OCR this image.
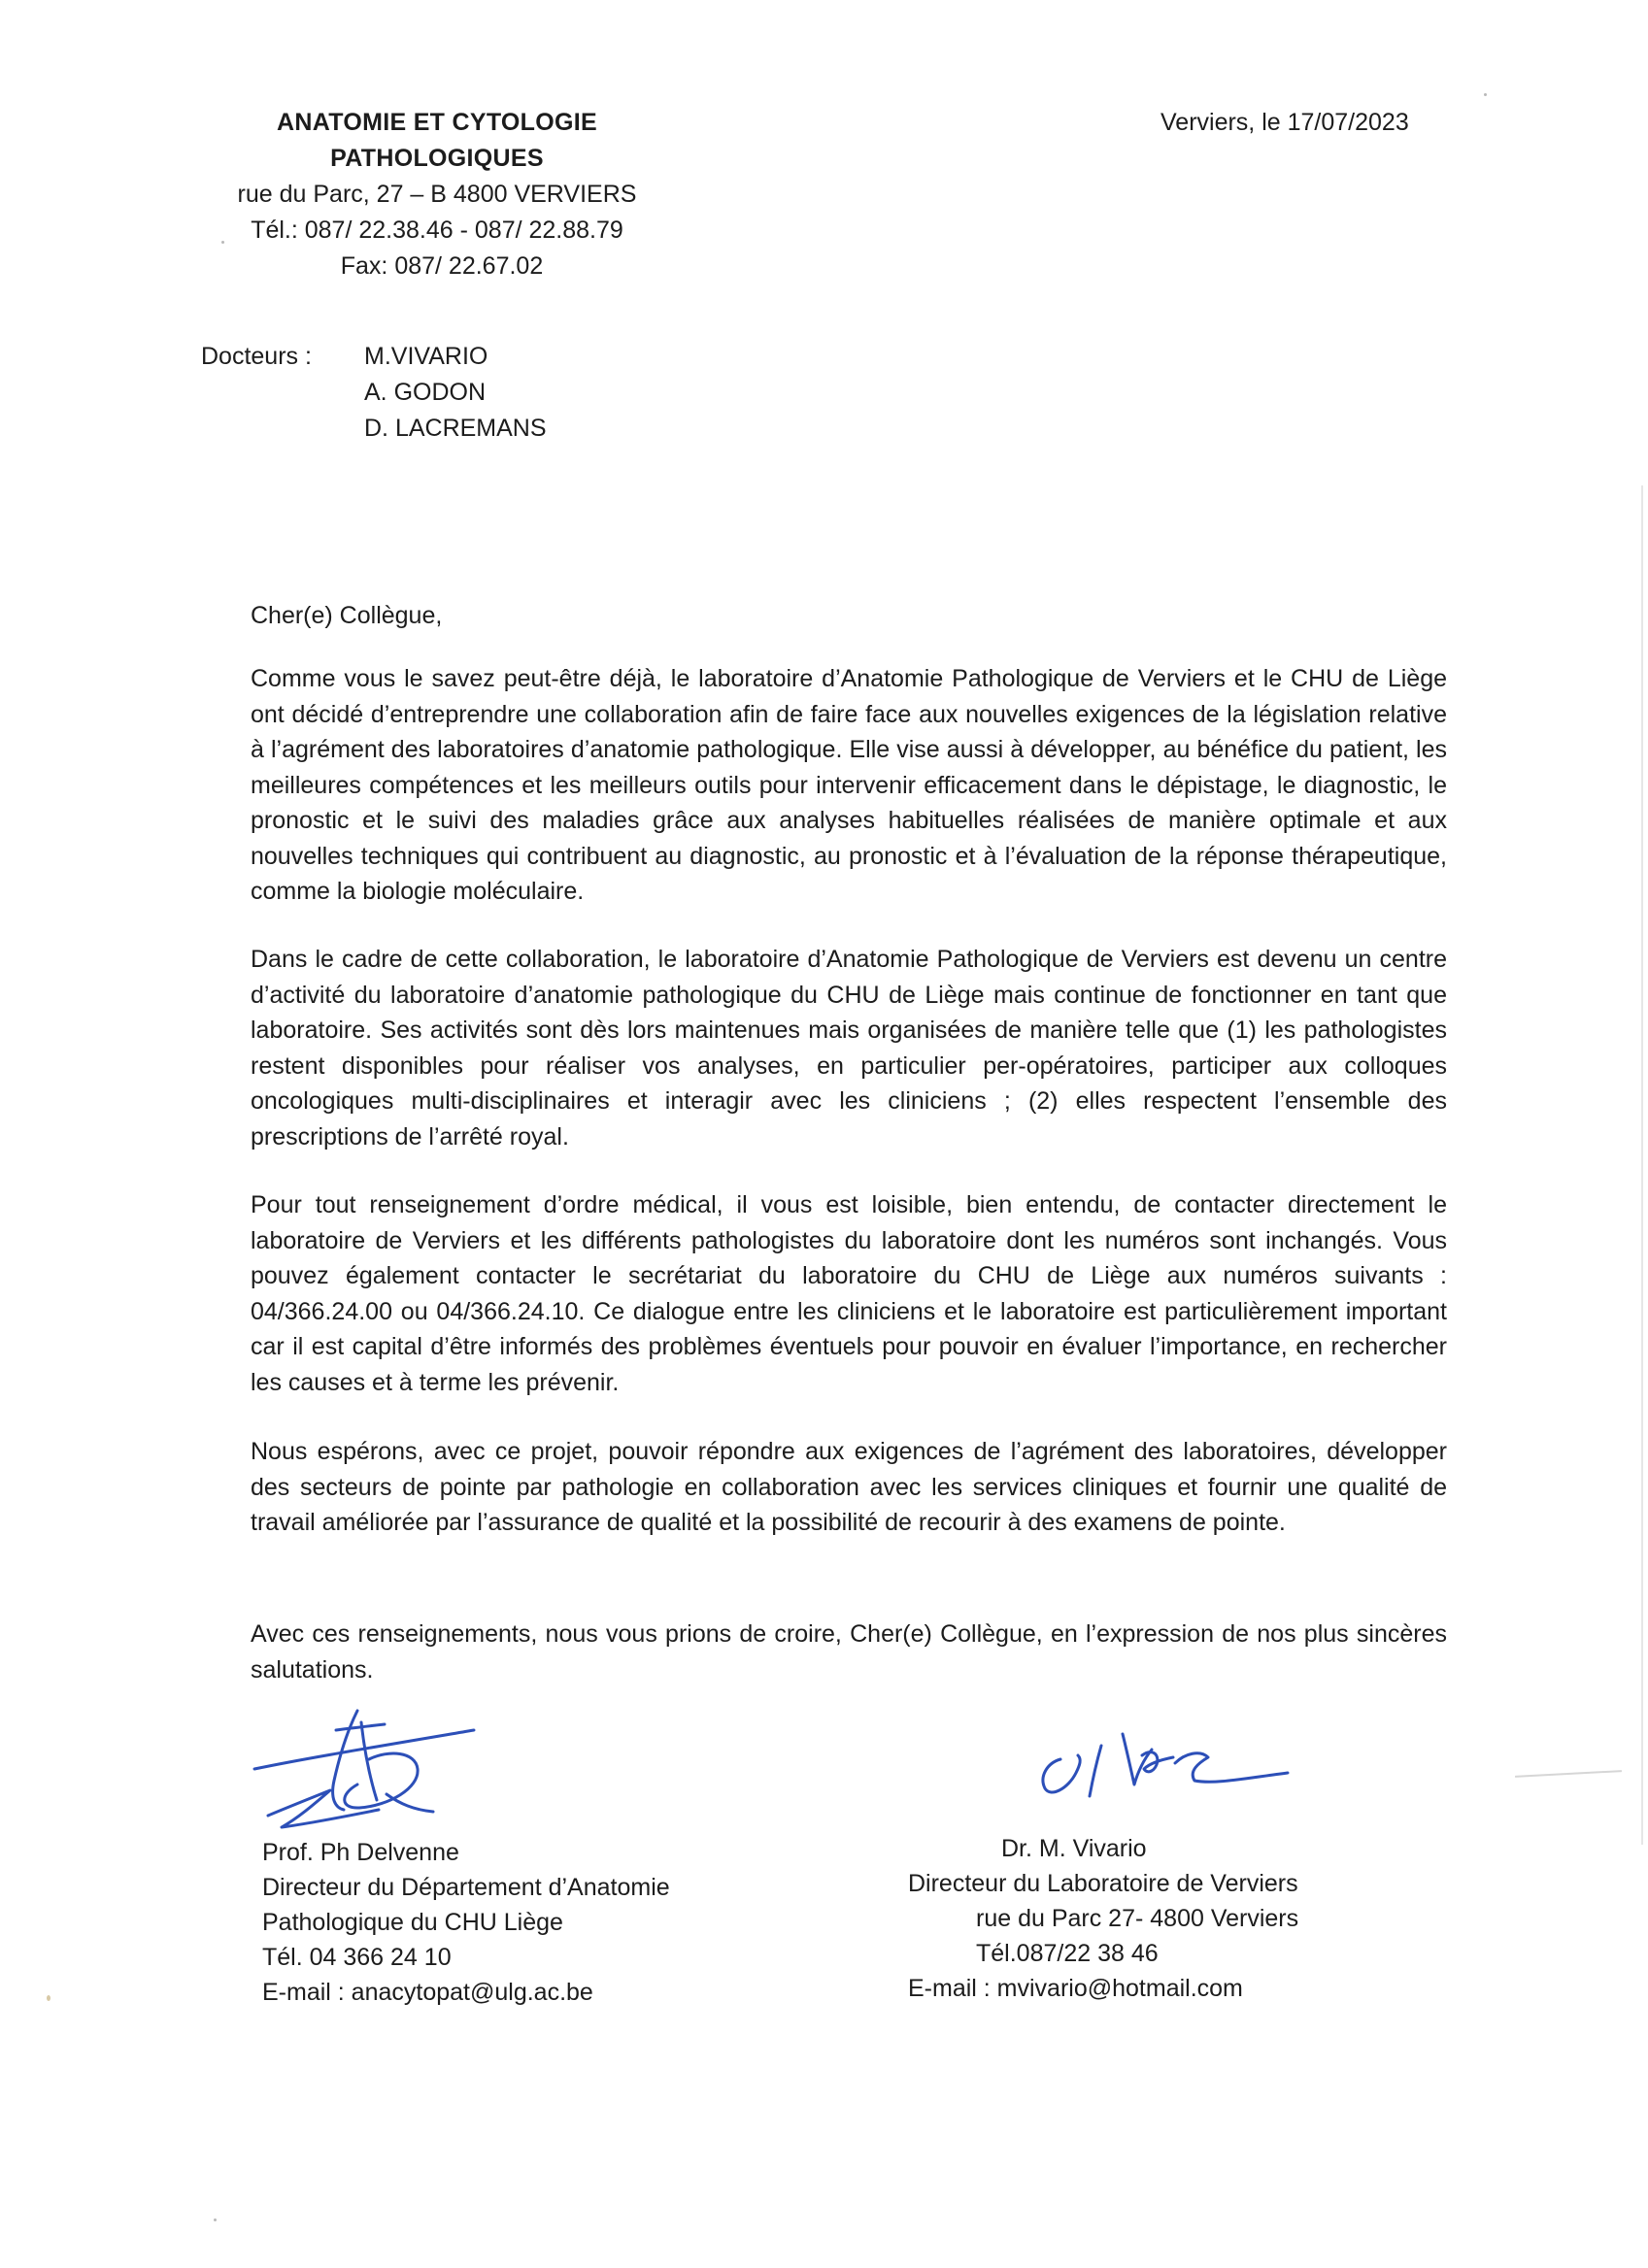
ANATOMIE ET CYTOLOGIE
PATHOLOGIQUES
rue du Parc, 27 – B 4800 VERVIERS
Tél.: 087/ 22.38.46 - 087/ 22.88.79
Fax: 087/ 22.67.02
Verviers, le 17/07/2023
Docteurs : M.VIVARIO
A. GODON
D. LACREMANS
Cher(e) Collègue,

Comme vous le savez peut-être déjà, le laboratoire d’Anatomie Pathologique de Verviers et le CHU de Liège ont décidé d’entreprendre une collaboration afin de faire face aux nouvelles exigences de la législation relative à l’agrément des laboratoires d’anatomie pathologique. Elle vise aussi à développer, au bénéfice du patient, les meilleures compétences et les meilleurs outils pour intervenir efficacement dans le dépistage, le diagnostic, le pronostic et le suivi des maladies grâce aux analyses habituelles réalisées de manière optimale et aux nouvelles techniques qui contribuent au diagnostic, au pronostic et à l’évaluation de la réponse thérapeutique, comme la biologie moléculaire.

Dans le cadre de cette collaboration, le laboratoire d’Anatomie Pathologique de Verviers est devenu un centre d’activité du laboratoire d’anatomie pathologique du CHU de Liège mais continue de fonctionner en tant que laboratoire. Ses activités sont dès lors maintenues mais organisées de manière telle que (1) les pathologistes restent disponibles pour réaliser vos analyses, en particulier per-opératoires, participer aux colloques oncologiques multi-disciplinaires et interagir avec les cliniciens ; (2) elles respectent l’ensemble des prescriptions de l’arrêté royal.

Pour tout renseignement d’ordre médical, il vous est loisible, bien entendu, de contacter directement le laboratoire de Verviers et les différents pathologistes du laboratoire dont les numéros sont inchangés. Vous pouvez également contacter le secrétariat du laboratoire du CHU de Liège aux numéros suivants : 04/366.24.00 ou 04/366.24.10. Ce dialogue entre les cliniciens et le laboratoire est particulièrement important car il est capital d’être informés des problèmes éventuels pour pouvoir en évaluer l’importance, en rechercher les causes et à terme les prévenir.

Nous espérons, avec ce projet, pouvoir répondre aux exigences de l’agrément des laboratoires, développer des secteurs de pointe par pathologie en collaboration avec les services cliniques et fournir une qualité de travail améliorée par l’assurance de qualité et la possibilité de recourir à des examens de pointe.

Avec ces renseignements, nous vous prions de croire, Cher(e) Collègue, en l’expression de nos plus sincères salutations.

Prof. Ph Delvenne
Directeur du Département d’Anatomie
Pathologique du CHU Liège
Tél. 04 366 24 10
E-mail : anacytopat@ulg.ac.be
Dr. M. Vivario
Directeur du Laboratoire de Verviers
rue du Parc 27- 4800 Verviers
Tél.087/22 38 46
E-mail : mvivario@hotmail.com
